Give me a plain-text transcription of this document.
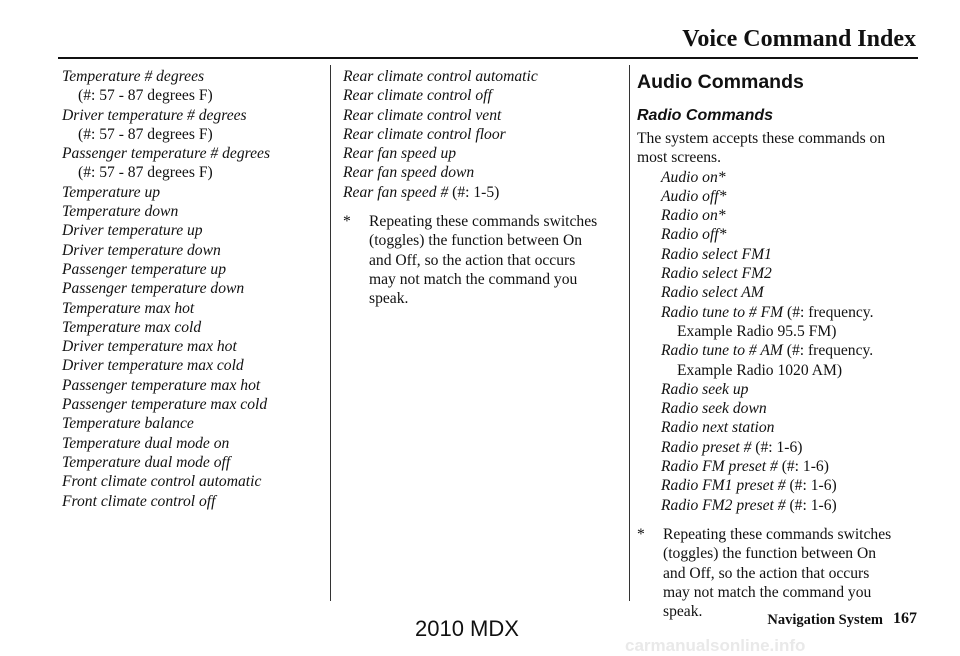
Voice Command Index
Temperature # degrees
(#: 57 - 87 degrees F)
Driver temperature # degrees
(#: 57 - 87 degrees F)
Passenger temperature # degrees
(#: 57 - 87 degrees F)
Temperature up
Temperature down
Driver temperature up
Driver temperature down
Passenger temperature up
Passenger temperature down
Temperature max hot
Temperature max cold
Driver temperature max hot
Driver temperature max cold
Passenger temperature max hot
Passenger temperature max cold
Temperature balance
Temperature dual mode on
Temperature dual mode off
Front climate control automatic
Front climate control off
Rear climate control automatic
Rear climate control off
Rear climate control vent
Rear climate control floor
Rear fan speed up
Rear fan speed down
Rear fan speed # (#: 1-5)
*	Repeating these commands switches
(toggles) the function between On
and Off, so the action that occurs
may not match the command you
speak.
Audio Commands
Radio Commands
The system accepts these commands on
most screens.
Audio on*
Audio off*
Radio on*
Radio off*
Radio select FM1
Radio select FM2
Radio select AM
Radio tune to # FM (#: frequency.
Example Radio 95.5 FM)
Radio tune to # AM (#: frequency.
Example Radio 1020 AM)
Radio seek up
Radio seek down
Radio next station
Radio preset # (#: 1-6)
Radio FM preset # (#: 1-6)
Radio FM1 preset # (#: 1-6)
Radio FM2 preset # (#: 1-6)
*	Repeating these commands switches
(toggles) the function between On
and Off, so the action that occurs
may not match the command you
speak.	Navigation System 167
2010 MDX
carmanualsonline.info
